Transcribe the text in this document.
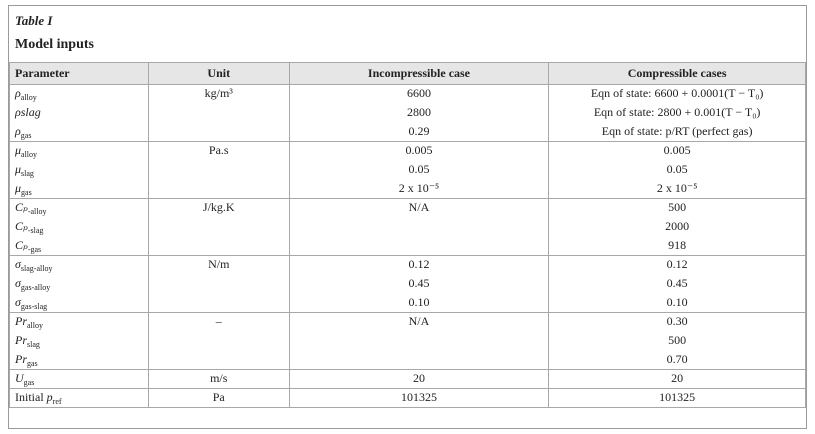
Table I
Model inputs
Parameter	Unit	Incompressible case	Compressible cases
$\rho_{alloy}$	kg/m³	6600	Eqn of state: 6600 + 0.0001(T − T₀)
ρslag		2800	Eqn of state: 2800 + 0.001(T − T₀)
$\rho_{gas}$		0.29	Eqn of state: p/RT (perfect gas)
$\mu_{alloy}$	Pa.s	0.005	0.005
$\mu_{slag}$		0.05	0.05
$\mu_{gas}$		2 x 10⁻⁵	2 x 10⁻⁵
Cₚ$_{-alloy}$	J/kg.K	N/A	500
Cₚ$_{-slag}$			2000
Cₚ$_{-gas}$			918
$\sigma_{slag-alloy}$	N/m	0.12	0.12
$\sigma_{gas-alloy}$		0.45	0.45
$\sigma_{gas-slag}$		0.10	0.10
$Pr_{alloy}$	–	N/A	0.30
$Pr_{slag}$			500
$Pr_{gas}$			0.70
$U_{gas}$	m/s	20	20
Initial $p_{ref}$	Pa	101325	101325
